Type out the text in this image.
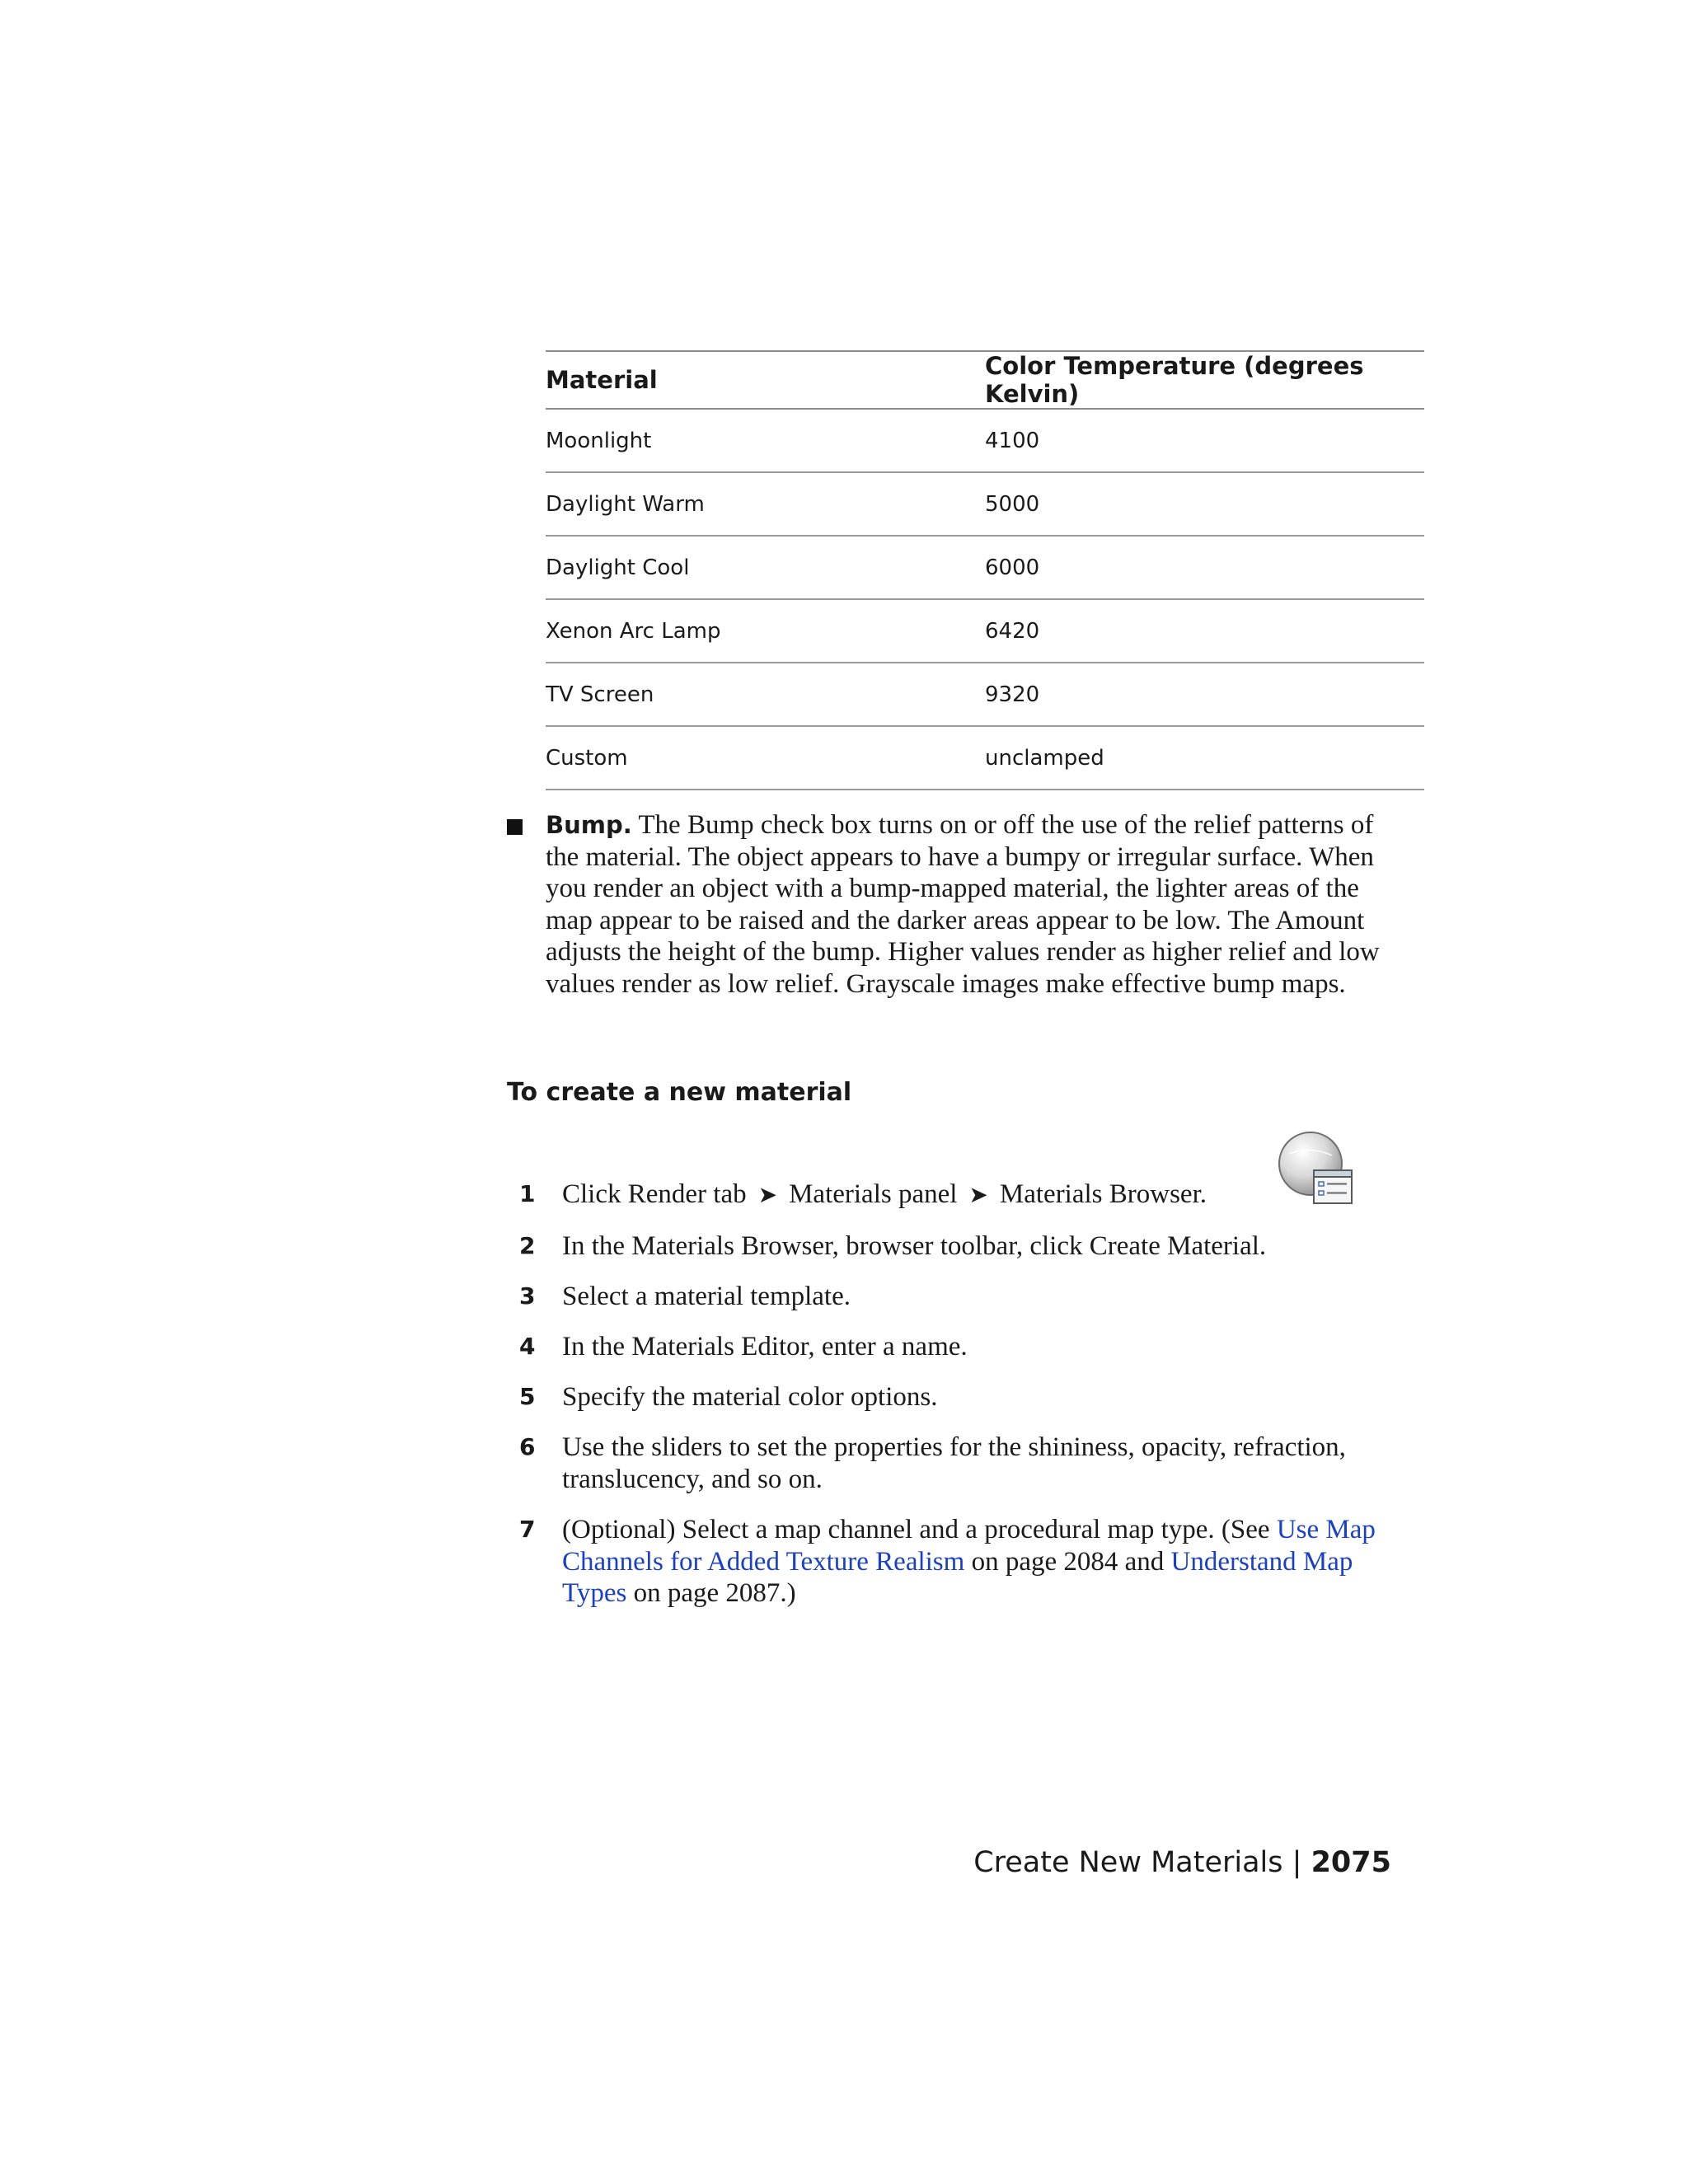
Material	Color Temperature (degrees Kelvin)
Moonlight	4100
Daylight Warm	5000
Daylight Cool	6000
Xenon Arc Lamp	6420
TV Screen	9320
Custom	unclamped
Bump. The Bump check box turns on or off the use of the relief patterns of the material. The object appears to have a bumpy or irregular surface. When you render an object with a bump-mapped material, the lighter areas of the map appear to be raised and the darker areas appear to be low. The Amount adjusts the height of the bump. Higher values render as higher relief and low values render as low relief. Grayscale images make effective bump maps.
To create a new material
1 Click Render tab ➤ Materials panel ➤ Materials Browser.
2 In the Materials Browser, browser toolbar, click Create Material.
3 Select a material template.
4 In the Materials Editor, enter a name.
5 Specify the material color options.
6 Use the sliders to set the properties for the shininess, opacity, refraction, translucency, and so on.
7 (Optional) Select a map channel and a procedural map type. (See Use Map Channels for Added Texture Realism on page 2084 and Understand Map Types on page 2087.)
Create New Materials | 2075
